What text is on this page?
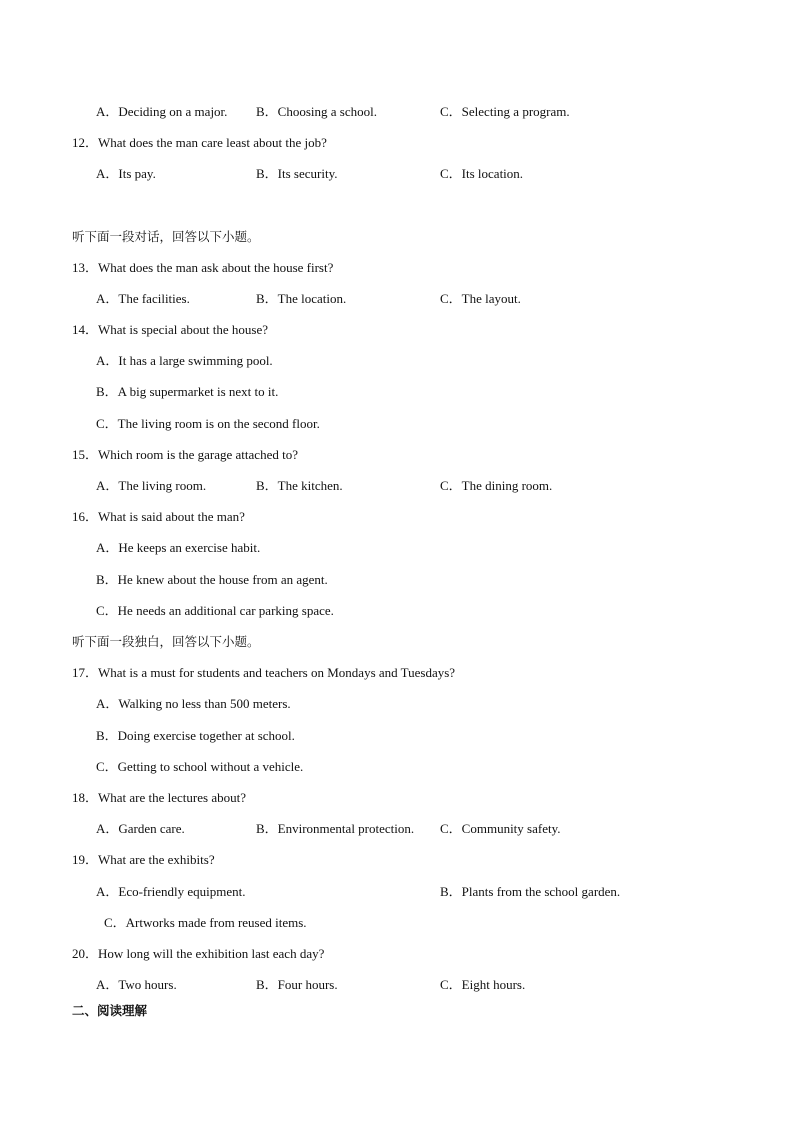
A．Deciding on a major. B．Choosing a school.	C．Selecting a program.
12．What does the man care least about the job?
A．Its pay.	B．Its security.	C．Its location.
听下面一段对话，回答以下小题。
13．What does the man ask about the house first?
A．The facilities.	B．The location.	C．The layout.
14．What is special about the house?
A．It has a large swimming pool.
B．A big supermarket is next to it.
C．The living room is on the second floor.
15．Which room is the garage attached to?
A．The living room.	B．The kitchen.	C．The dining room.
16．What is said about the man?
A．He keeps an exercise habit.
B．He knew about the house from an agent.
C．He needs an additional car parking space.
听下面一段独白，回答以下小题。
17．What is a must for students and teachers on Mondays and Tuesdays?
A．Walking no less than 500 meters.
B．Doing exercise together at school.
C．Getting to school without a vehicle.
18．What are the lectures about?
A．Garden care.	B．Environmental protection. C．Community safety.
19．What are the exhibits?
A．Eco-friendly equipment.	B．Plants from the school garden.
C．Artworks made from reused items.
20．How long will the exhibition last each day?
A．Two hours.	B．Four hours.	C．Eight hours.
二、阅读理解
